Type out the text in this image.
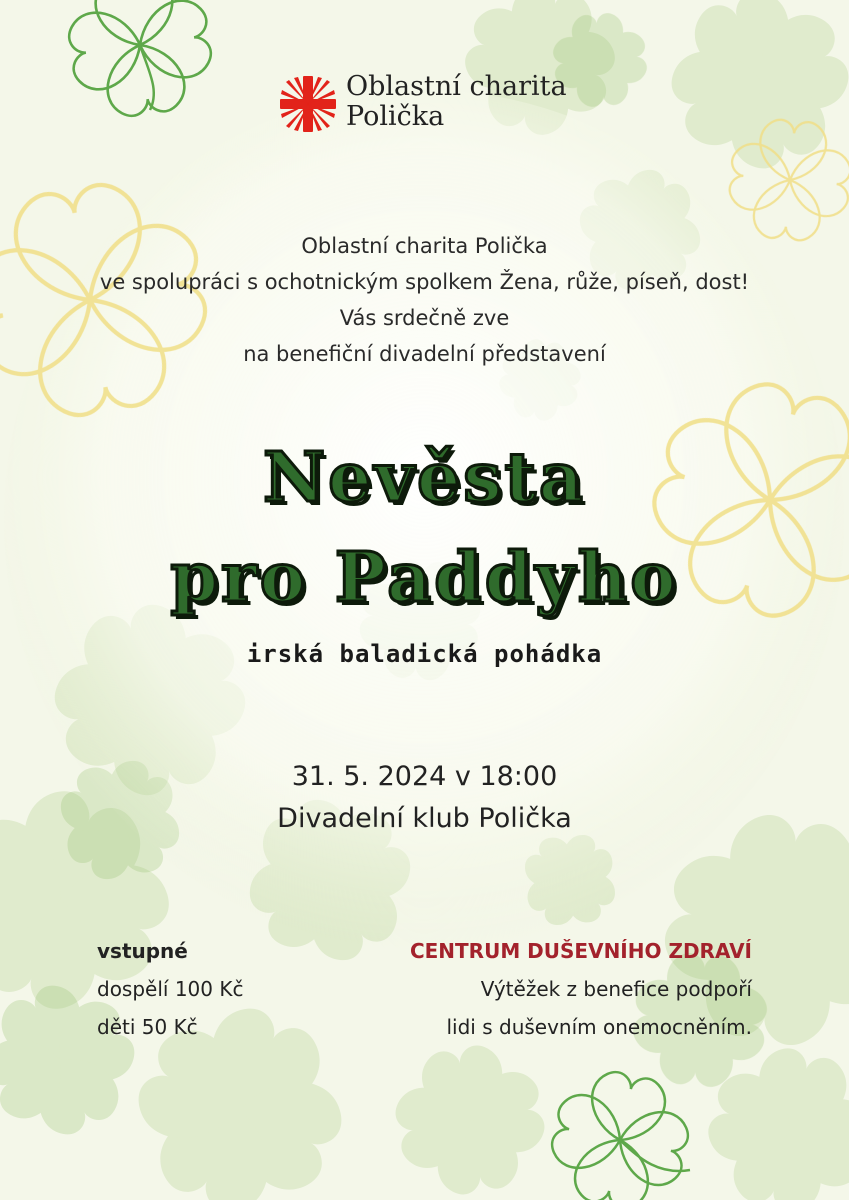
Oblastní charita
Polička
Oblastní charita Polička
ve spolupráci s ochotnickým spolkem Žena, růže, píseň, dost!
Vás srdečně zve
na benefiční divadelní představení
Nevěsta
pro Paddyho
irská baladická pohádka
31. 5. 2024 v 18:00
Divadelní klub Polička
vstupné
dospělí 100 Kč
děti 50 Kč
CENTRUM DUŠEVNÍHO ZDRAVÍ
Výtěžek z benefice podpoří
lidi s duševním onemocněním.
